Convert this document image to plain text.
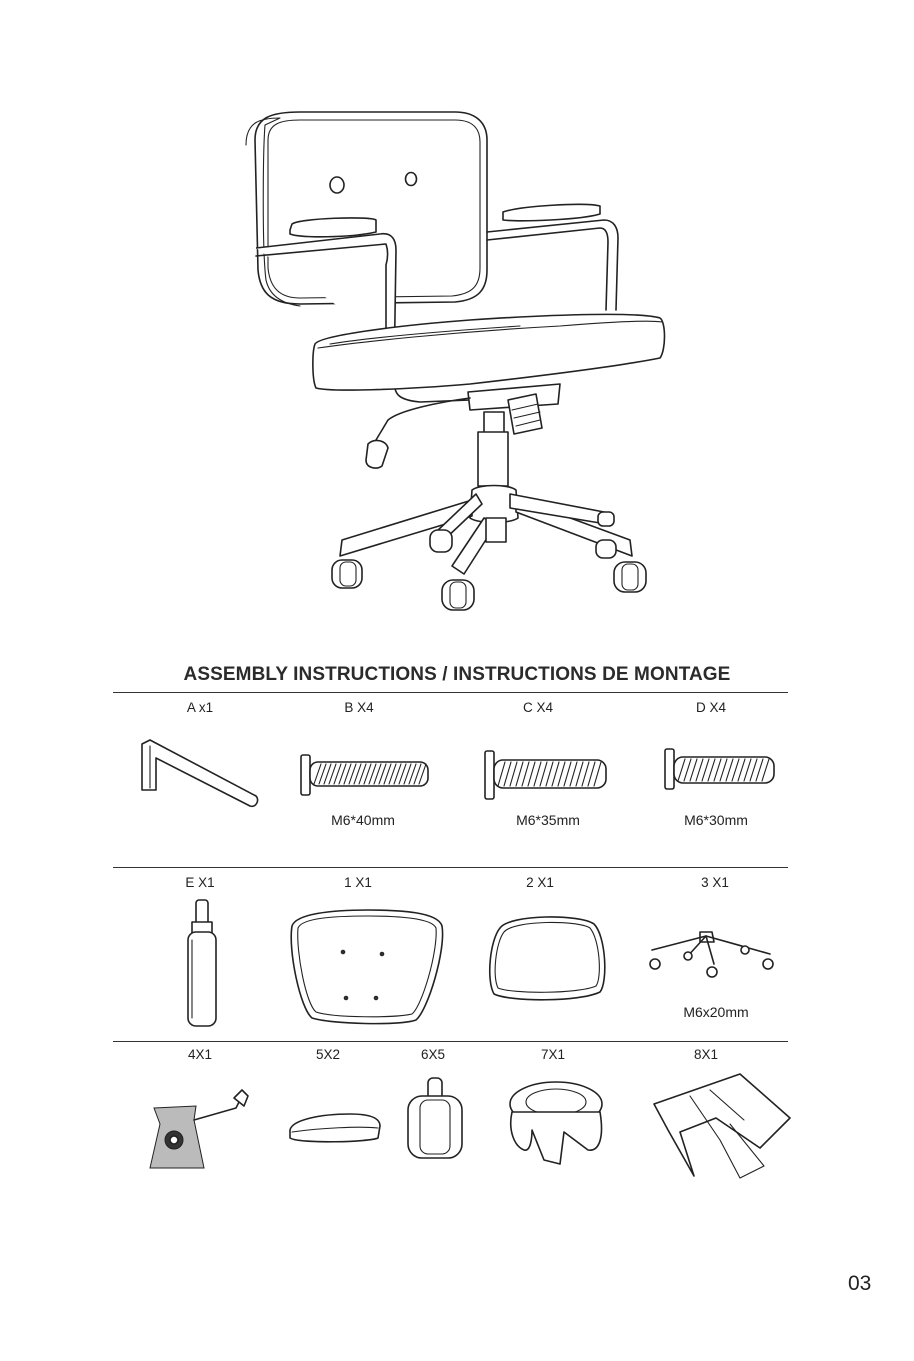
ASSEMBLY INSTRUCTIONS / INSTRUCTIONS DE MONTAGE
A x1	B X4	C X4	D X4
M6*40mm	M6*35mm	M6*30mm
E X1	1 X1	2 X1	3 X1
M6x20mm
4X1	5X2	6X5	7X1	8X1
03
